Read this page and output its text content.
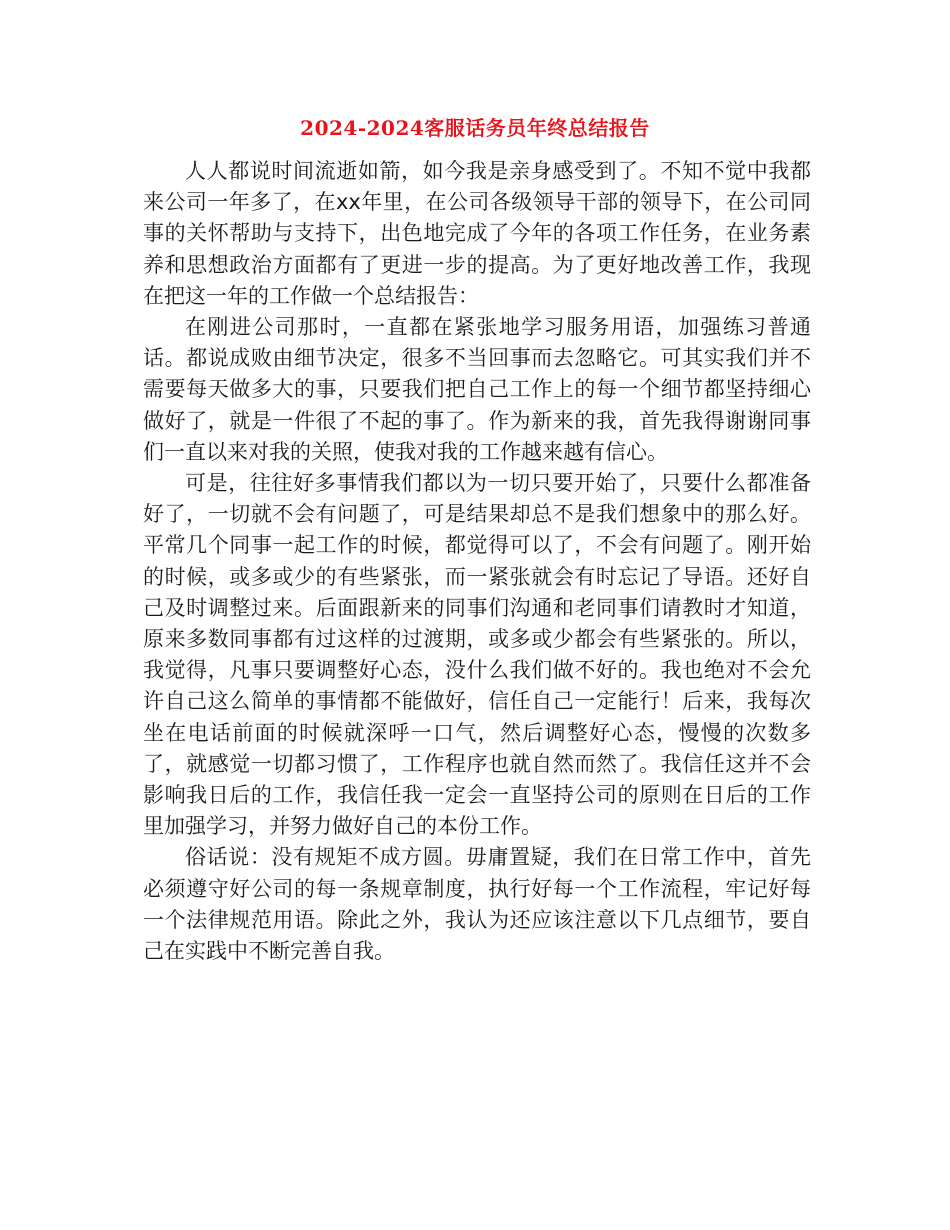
2024-2024客服话务员年终总结报告

人人都说时间流逝如箭，如今我是亲身感受到了。不知不觉中我都来公司一年多了，在xx年里，在公司各级领导干部的领导下，在公司同事的关怀帮助与支持下，出色地完成了今年的各项工作任务，在业务素养和思想政治方面都有了更进一步的提高。为了更好地改善工作，我现在把这一年的工作做一个总结报告：

在刚进公司那时，一直都在紧张地学习服务用语，加强练习普通话。都说成败由细节决定，很多不当回事而去忽略它。可其实我们并不需要每天做多大的事，只要我们把自己工作上的每一个细节都坚持细心做好了，就是一件很了不起的事了。作为新来的我，首先我得谢谢同事们一直以来对我的关照，使我对我的工作越来越有信心。

可是，往往好多事情我们都以为一切只要开始了，只要什么都准备好了，一切就不会有问题了，可是结果却总不是我们想象中的那么好。平常几个同事一起工作的时候，都觉得可以了，不会有问题了。刚开始的时候，或多或少的有些紧张，而一紧张就会有时忘记了导语。还好自己及时调整过来。后面跟新来的同事们沟通和老同事们请教时才知道，原来多数同事都有过这样的过渡期，或多或少都会有些紧张的。所以，我觉得，凡事只要调整好心态，没什么我们做不好的。我也绝对不会允许自己这么简单的事情都不能做好，信任自己一定能行！后来，我每次坐在电话前面的时候就深呼一口气，然后调整好心态，慢慢的次数多了，就感觉一切都习惯了，工作程序也就自然而然了。我信任这并不会影响我日后的工作，我信任我一定会一直坚持公司的原则在日后的工作里加强学习，并努力做好自己的本份工作。

俗话说：没有规矩不成方圆。毋庸置疑，我们在日常工作中，首先必须遵守好公司的每一条规章制度，执行好每一个工作流程，牢记好每一个法律规范用语。除此之外，我认为还应该注意以下几点细节，要自己在实践中不断完善自我。
